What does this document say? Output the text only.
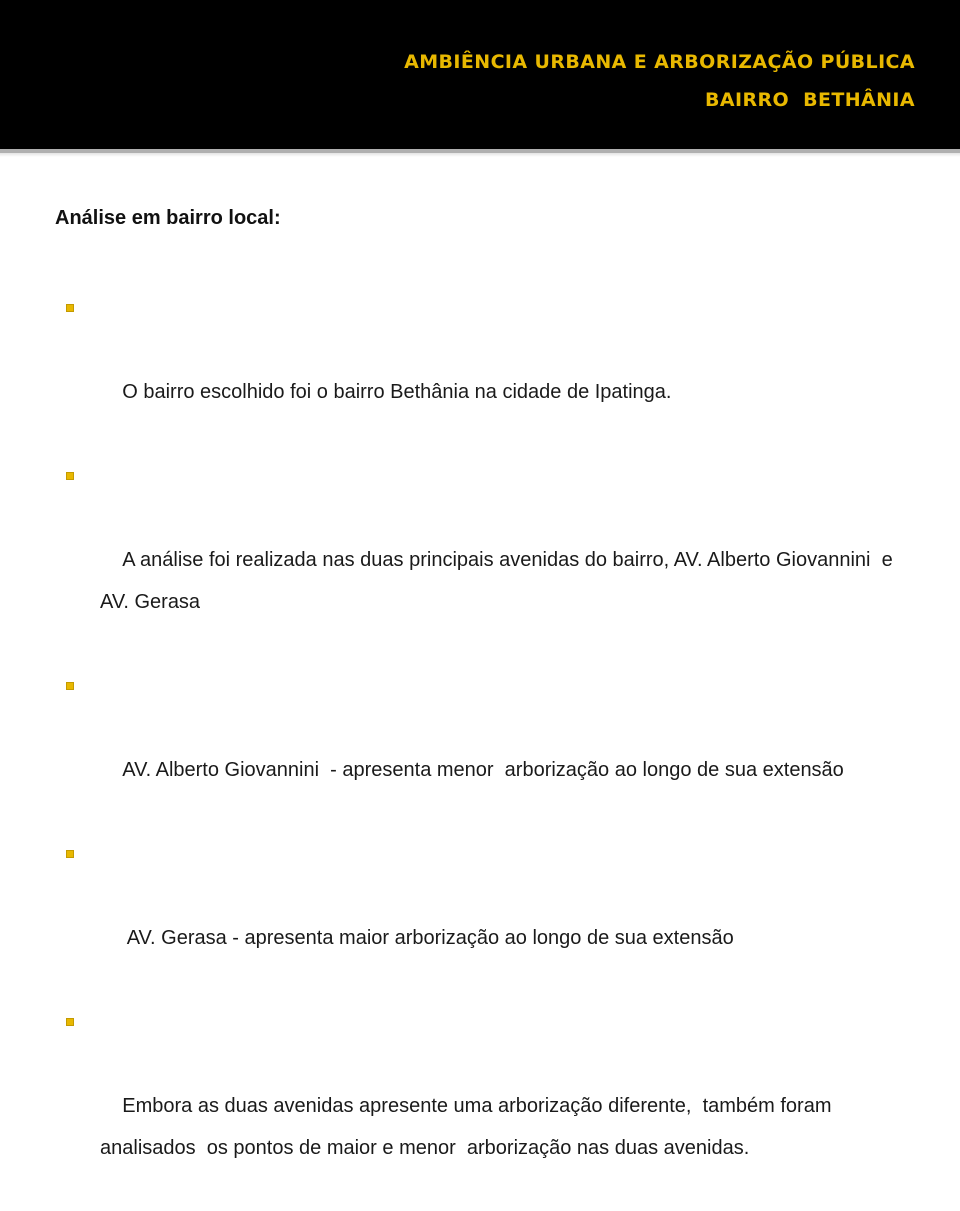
AMBIÊNCIA URBANA E ARBORIZAÇÃO PÚBLICA
BAIRRO  BETHÂNIA
Análise em bairro local:

O bairro escolhido foi o bairro Bethânia na cidade de Ipatinga.

A análise foi realizada nas duas principais avenidas do bairro, AV. Alberto Giovannini  e AV. Gerasa

AV. Alberto Giovannini  - apresenta menor  arborização ao longo de sua extensão

AV. Gerasa - apresenta maior arborização ao longo de sua extensão

Embora as duas avenidas apresente uma arborização diferente,  também foram analisados  os pontos de maior e menor  arborização nas duas avenidas.
